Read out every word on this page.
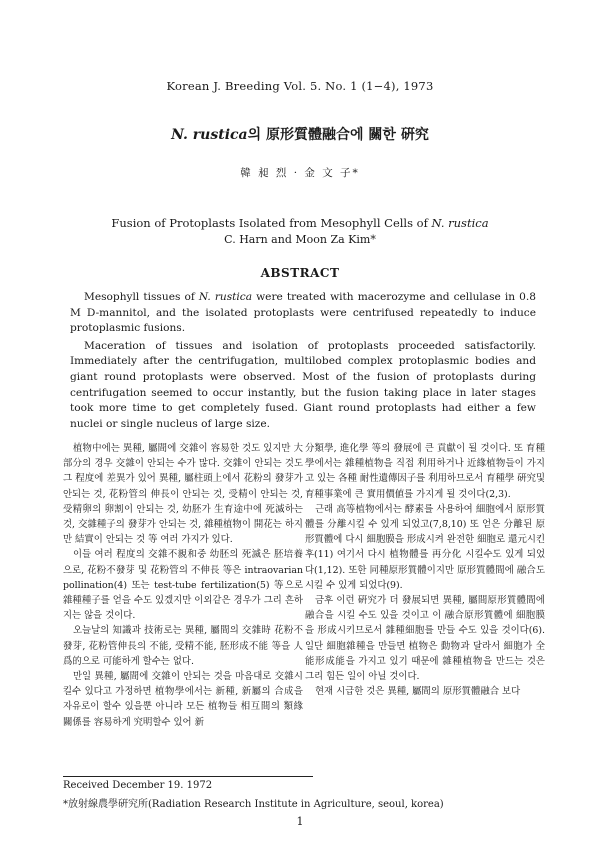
Korean J. Breeding Vol. 5. No. 1 (1−4), 1973
N. rustica의 原形質體融合에 關한 硏究
韓 昶 烈 · 金 文 子*
Fusion of Protoplasts Isolated from Mesophyll Cells of N. rustica
C. Harn and Moon Za Kim*
ABSTRACT

Mesophyll tissues of N. rustica were treated with macerozyme and cellulase in 0.8 M D-mannitol, and the isolated protoplasts were centrifused repeatedly to induce protoplasmic fusions.

Maceration of tissues and isolation of protoplasts proceeded satisfactorily. Immediately after the centrifugation, multilobed complex protoplasmic bodies and giant round protoplasts were observed. Most of the fusion of protoplasts during centrifugation seemed to occur instantly, but the fusion taking place in later stages took more time to get completely fused. Giant round protoplasts had either a few nuclei or single nucleus of large size.

植物中에는 異種, 屬間에 交雜이 容易한 것도 있지만 大部分의 경우 交雜이 안되는 수가 많다. 交雜이 안되는 것도 그 程度에 差異가 있어 異種, 屬柱頭上에서 花粉의 發芽가 안되는 것, 花粉管의 伸長이 안되는 것, 受精이 안되는 것, 受精卵의 卵割이 안되는 것, 幼胚가 生育途中에 死滅하는 것, 交雜種子의 發芽가 안되는 것, 雜種植物이 開花는 하지만 結實이 안되는 것 等 여러 가지가 있다.

이들 여러 程度의 交雜不親和중 幼胚의 死滅은 胚培養으로, 花粉不發芽 및 花粉管의 不伸長 等은 intraovarian pollination(4) 또는 test-tube fertilization(5) 等으로 雜種種子를 얻을 수도 있겠지만 이외같은 경우가 그리 흔하지는 않을 것이다.

오늘날의 知識과 技術로는 異種, 屬間의 交雜時 花粉不發芽, 花粉管伸長의 不能, 受精不能, 胚形成不能 等을 人爲的으로 可能하게 할수는 없다.

만일 異種, 屬間에 交雜이 안되는 것을 마음대로 交雜시킬수 있다고 가정하면 植物學에서는 新種, 新屬의 合成을 자유로이 할수 있을뿐 아니라 모든 植物들 相互間의 類緣關係를 容易하게 究明할수 있어 新

分類學, 進化學 等의 發展에 큰 貢獻이 될 것이다. 또 育種學에서는 雜種植物을 직접 利用하거나 近緣植物들이 가지고 있는 各種 耐性遺傳因子를 利用하므로서 育種學 硏究및 育種事業에 큰 實用價値를 가지게 될 것이다(2,3).

근래 高等植物에서는 酵素를 사용하여 細胞에서 原形質體를 分離시킬 수 있게 되었고(7,8,10) 또 얻은 分離된 原形質體에 다시 細胞膜을 形成시켜 완전한 細胞로 還元시킨 후(11) 여기서 다시 植物體를 再分化 시킬수도 있게 되었다(1,12). 또한 同種原形質體이지만 原形質體間에 融合도 시킬 수 있게 되었다(9).

금후 이런 硏究가 더 發展되면 異種, 屬間原形質體間에 融合을 시킬 수도 있을 것이고 이 融合原形質體에 細胞膜을 形成시키므로서 雜種細胞를 만들 수도 있을 것이다(6). 일단 細胞雜種을 만들면 植物은 動物과 달라서 細胞가 全能形成能을 가지고 있기 때문에 雜種植物을 만드는 것은 그리 힘든 일이 아닐 것이다.

현재 시급한 것은 異種, 屬間의 原形質體融合 보다

Received December 19. 1972
*放射線農學硏究所(Radiation Research Institute in Agriculture, seoul, korea)
1
